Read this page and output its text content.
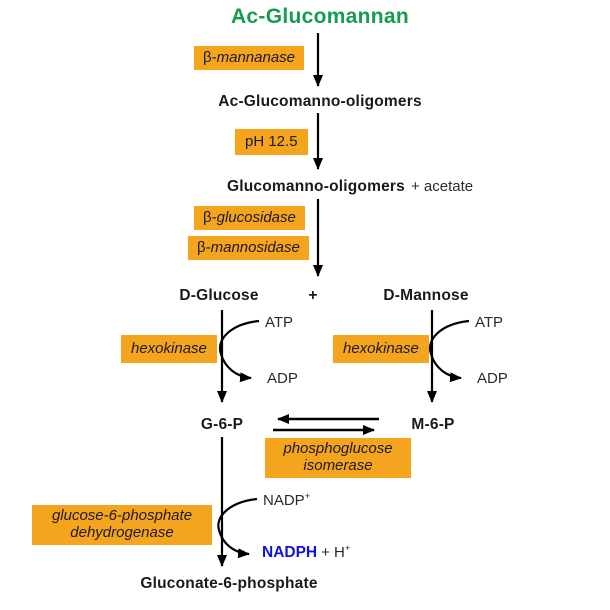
Ac-Glucomannan
Ac-Glucomanno-oligomers
Glucomanno-oligomers + acetate
D-Glucose	+	D-Mannose
G-6-P	M-6-P
Gluconate-6-phosphate
β-mannanase
pH 12.5
β-glucosidase
β-mannosidase
hexokinase	hexokinase
phosphoglucose
isomerase
glucose-6-phosphate
dehydrogenase
ATP
ADP
ATP
ADP
NADP+
NADPH + H+
